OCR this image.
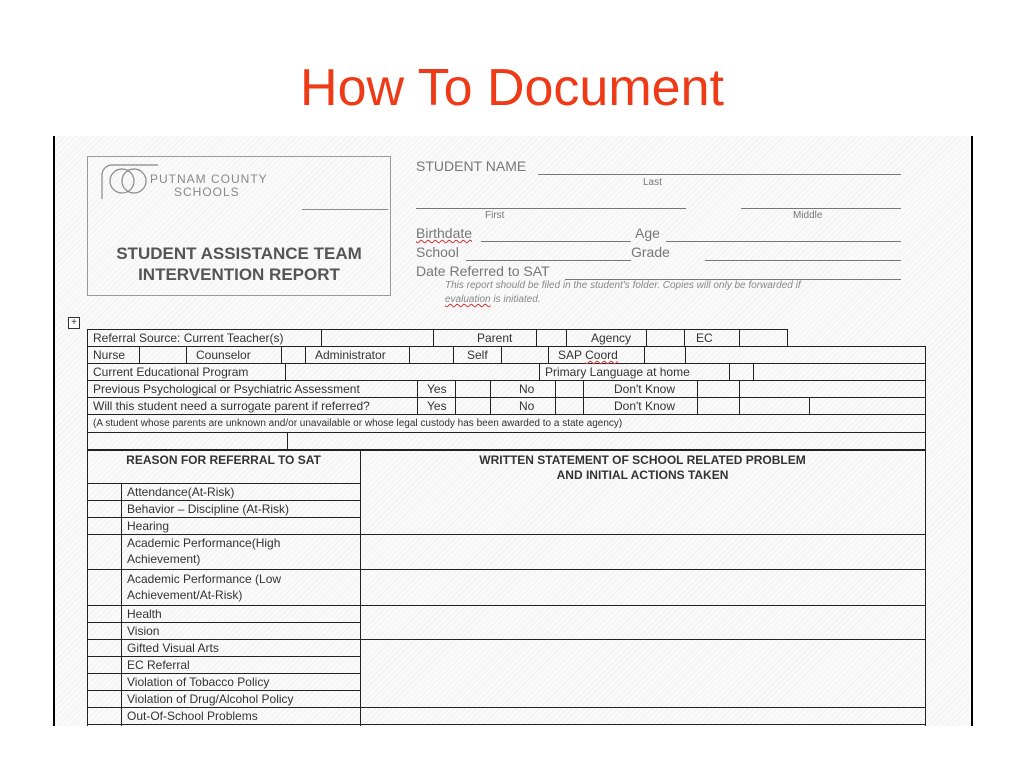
How To Document
PUTNAM COUNTY
SCHOOLS
STUDENT ASSISTANCE TEAM
INTERVENTION REPORT
STUDENT NAME
Last
First	Middle
Birthdate	Age
School	Grade
Date Referred to SAT
This report should be filed in the student's folder. Copies will only be forwarded if
evaluation is initiated.
+
Referral Source: Current Teacher(s)	Parent	Agency	EC
Nurse	Counselor	Administrator	Self	SAP Coord
Current Educational Program	Primary Language at home
Previous Psychological or Psychiatric Assessment	Yes	No	Don't Know
Will this student need a surrogate parent if referred?	Yes	No	Don't Know
(A student whose parents are unknown and/or unavailable or whose legal custody has been awarded to a state agency)
REASON FOR REFERRAL TO SAT	WRITTEN STATEMENT OF SCHOOL RELATED PROBLEM
AND INITIAL ACTIONS TAKEN
Attendance(At-Risk)
Behavior – Discipline (At-Risk)
Hearing
Academic Performance(High
Achievement)
Academic Performance (Low
Achievement/At-Risk)
Health
Vision
Gifted Visual Arts
EC Referral
Violation of Tobacco Policy
Violation of Drug/Alcohol Policy
Out-Of-School Problems
